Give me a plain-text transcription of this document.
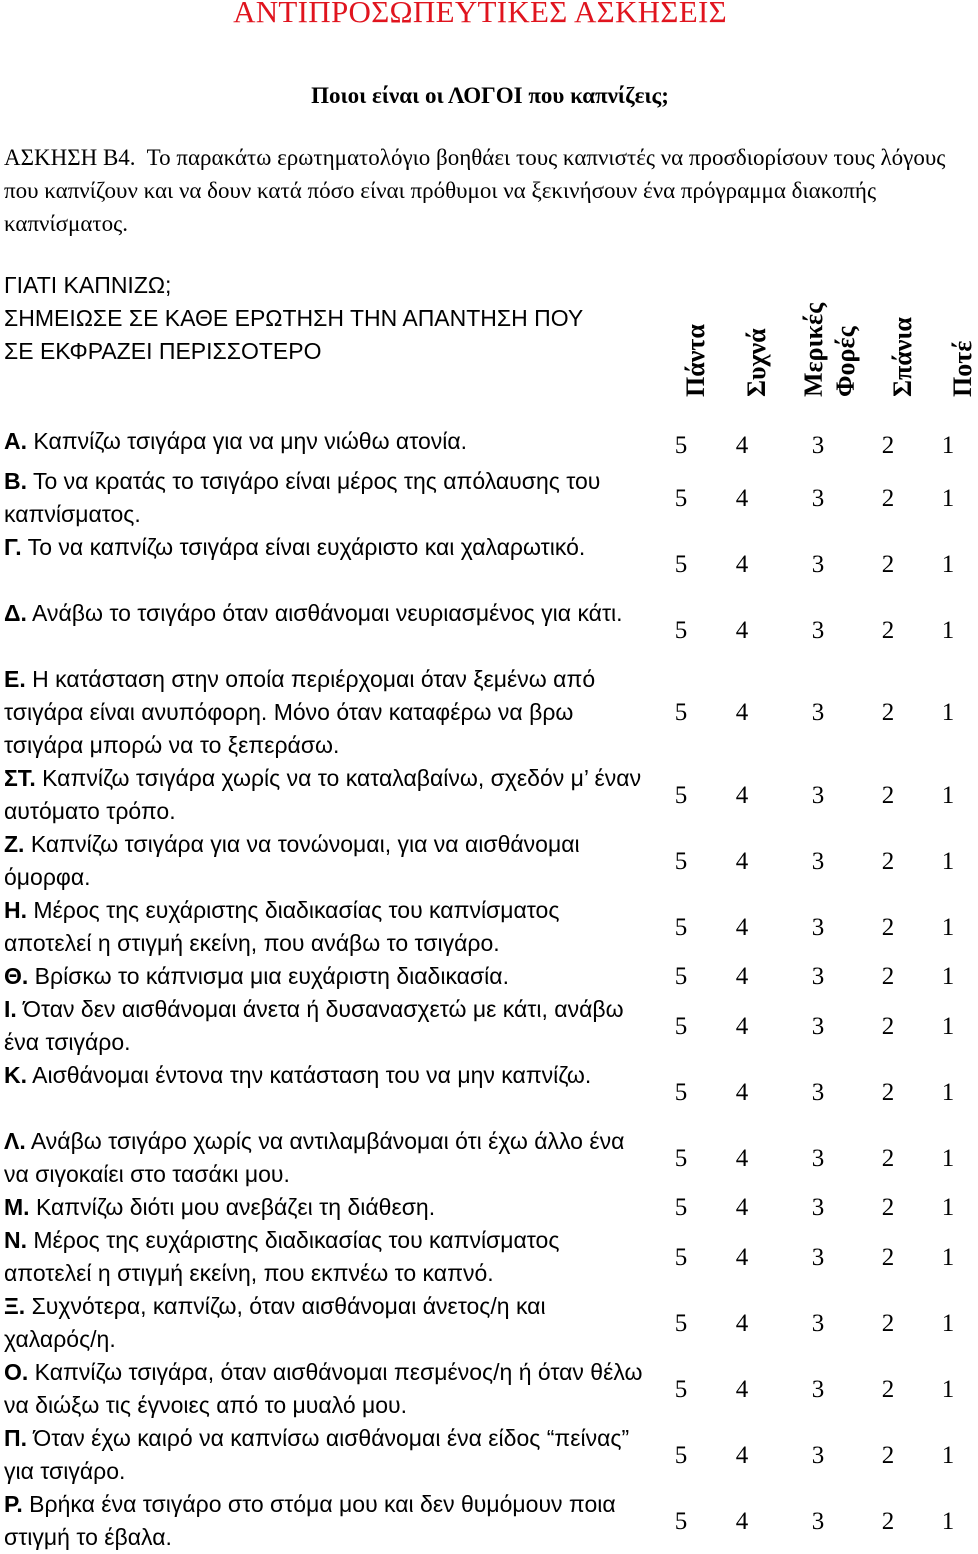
ΑΝΤΙΠΡΟΣΩΠΕΥΤΙΚΕΣ ΑΣΚΗΣΕΙΣ
Ποιοι είναι οι ΛΟΓΟΙ που καπνίζεις;
ΑΣΚΗΣΗ Β4. Το παρακάτω ερωτηματολόγιο βοηθάει τους καπνιστές να προσδιορίσουν τους λόγους που καπνίζουν και να δουν κατά πόσο είναι πρόθυμοι να ξεκινήσουν ένα πρόγραμμα διακοπής καπνίσματος.
ΓΙΑΤΙ ΚΑΠΝΙΖΩ;
ΣΗΜΕΙΩΣΕ ΣΕ ΚΑΘΕ ΕΡΩΤΗΣΗ ΤΗΝ ΑΠΑΝΤΗΣΗ ΠΟΥ
ΣΕ ΕΚΦΡΑΖΕΙ ΠΕΡΙΣΣΟΤΕΡΟ	Πάντα Συχνά Μερικές Φορές Σπάνια Ποτέ
Α. Καπνίζω τσιγάρα για να μην νιώθω ατονία.	5	4	3	2	1
Β. Το να κρατάς το τσιγάρο είναι μέρος της απόλαυσης του καπνίσματος.
5	4	3	2	1
Γ. Το να καπνίζω τσιγάρα είναι ευχάριστο και χαλαρωτικό.
5	4	3	2	1
Δ. Ανάβω το τσιγάρο όταν αισθάνομαι νευριασμένος για κάτι.
5	4	3	2	1
Ε. Η κατάσταση στην οποία περιέρχομαι όταν ξεμένω από τσιγάρα είναι ανυπόφορη. Μόνο όταν καταφέρω να βρω τσιγάρα μπορώ να το ξεπεράσω.
5	4	3	2	1
ΣΤ. Καπνίζω τσιγάρα χωρίς να το καταλαβαίνω, σχεδόν μ’ έναν αυτόματο τρόπο.
5	4	3	2	1
Ζ. Καπνίζω τσιγάρα για να τονώνομαι, για να αισθάνομαι όμορφα.
5	4	3	2	1
Η. Μέρος της ευχάριστης διαδικασίας του καπνίσματος αποτελεί η στιγμή εκείνη, που ανάβω το τσιγάρο.
5	4	3	2	1
Θ. Βρίσκω το κάπνισμα μια ευχάριστη διαδικασία.	5	4	3	2	1
Ι. Όταν δεν αισθάνομαι άνετα ή δυσανασχετώ με κάτι, ανάβω ένα τσιγάρο.
5	4	3	2	1
Κ. Αισθάνομαι έντονα την κατάσταση του να μην καπνίζω.
5	4	3	2	1
Λ. Ανάβω τσιγάρο χωρίς να αντιλαμβάνομαι ότι έχω άλλο ένα να σιγοκαίει στο τασάκι μου.
5	4	3	2	1
Μ. Καπνίζω διότι μου ανεβάζει τη διάθεση.	5	4	3	2	1
Ν. Μέρος της ευχάριστης διαδικασίας του καπνίσματος αποτελεί η στιγμή εκείνη, που εκπνέω το καπνό.
5	4	3	2	1
Ξ. Συχνότερα, καπνίζω, όταν αισθάνομαι άνετος/η και χαλαρός/η.
5	4	3	2	1
Ο. Καπνίζω τσιγάρα, όταν αισθάνομαι πεσμένος/η ή όταν θέλω να διώξω τις έγνοιες από το μυαλό μου.
5	4	3	2	1
Π. Όταν έχω καιρό να καπνίσω αισθάνομαι ένα είδος “πείνας” για τσιγάρο.
5	4	3	2	1
Ρ. Βρήκα ένα τσιγάρο στο στόμα μου και δεν θυμόμουν ποια στιγμή το έβαλα.
5	4	3	2	1
